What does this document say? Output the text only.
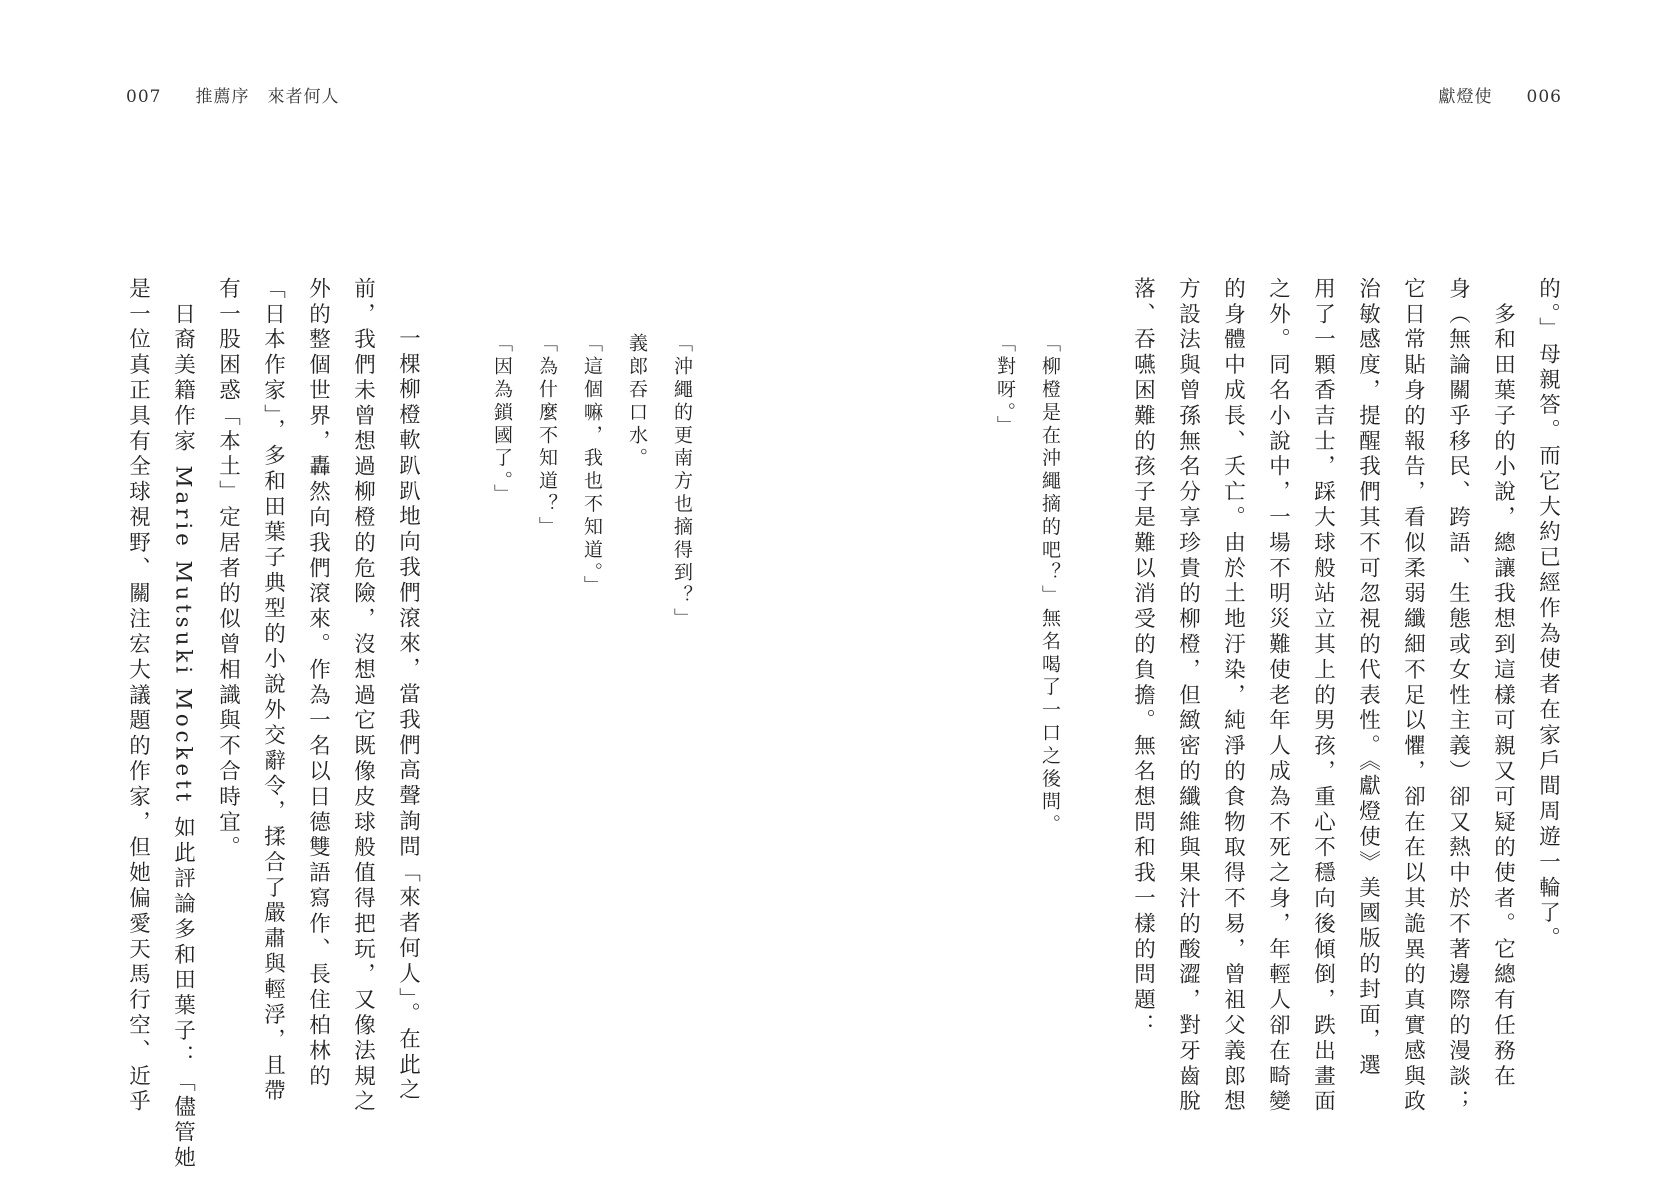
007 推薦序 來者何人	獻燈使 006
的。」母親答。而它大約已經作為使者在家戶間周遊一輪了。
　多和田葉子的小說，總讓我想到這樣可親又可疑的使者。它總有任務在
身（無論關乎移民、跨語、生態或女性主義）卻又熱中於不著邊際的漫談；
它日常貼身的報告，看似柔弱纖細不足以懼，卻在在以其詭異的真實感與政
治敏感度，提醒我們其不可忽視的代表性。《獻燈使》美國版的封面，選
用了一顆香吉士，踩大球般站立其上的男孩，重心不穩向後傾倒，跌出畫面
之外。同名小說中，一場不明災難使老年人成為不死之身，年輕人卻在畸變
的身體中成長、夭亡。由於土地汙染，純淨的食物取得不易，曾祖父義郎想
方設法與曾孫無名分享珍貴的柳橙，但緻密的纖維與果汁的酸澀，對牙齒脫
落、吞嚥困難的孩子是難以消受的負擔。無名想問和我一樣的問題：
「柳橙是在沖繩摘的吧？」無名喝了一口之後問。
「對呀。」
「沖繩的更南方也摘得到？」
義郎吞口水。
「這個嘛，我也不知道。」
「為什麼不知道？」
「因為鎖國了。」
一棵柳橙軟趴趴地向我們滾來，當我們高聲詢問「來者何人」。在此之
前，我們未曾想過柳橙的危險，沒想過它既像皮球般值得把玩，又像法規之
外的整個世界，轟然向我們滾來。作為一名以日德雙語寫作、長住柏林的
「日本作家」，多和田葉子典型的小說外交辭令，揉合了嚴肅與輕浮，且帶
有一股困惑「本土」定居者的似曾相識與不合時宜。
　日裔美籍作家 Marie Mutsuki Mockett 如此評論多和田葉子：「儘管她
是一位真正具有全球視野、關注宏大議題的作家，但她偏愛天馬行空、近乎
